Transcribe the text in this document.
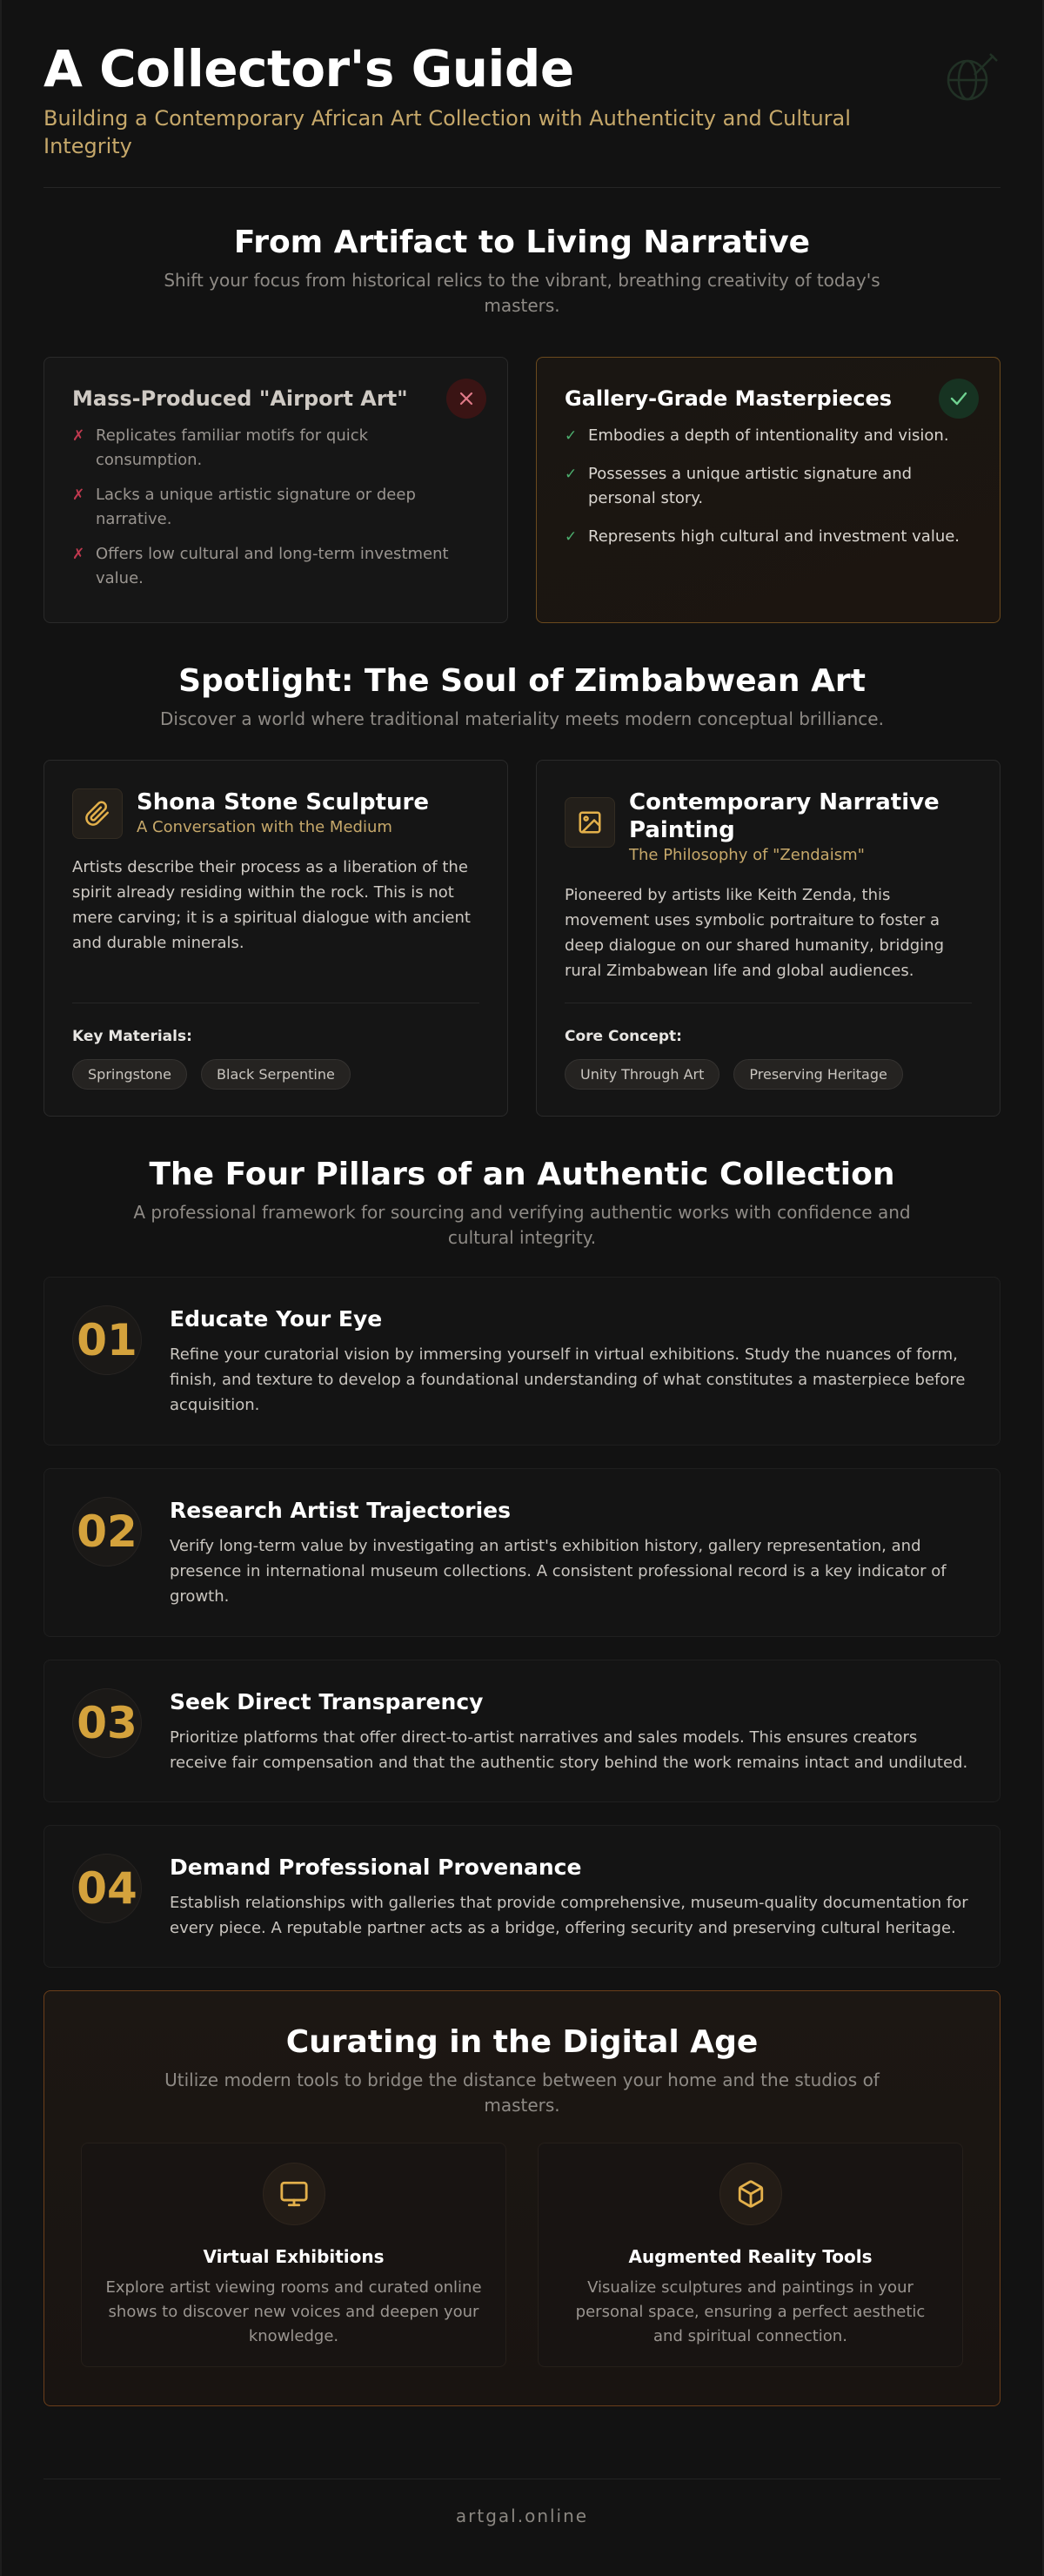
A Collector's Guide

Building a Contemporary African Art Collection with Authenticity and Cultural Integrity

From Artifact to Living Narrative

Shift your focus from historical relics to the vibrant, breathing creativity of today's masters.

Mass-Produced "Airport Art"
✗ Replicates familiar motifs for quick consumption.
✗ Lacks a unique artistic signature or deep narrative.
✗ Offers low cultural and long-term investment value.
Gallery-Grade Masterpieces
✓ Embodies a depth of intentionality and vision.
✓ Possesses a unique artistic signature and personal story.
✓ Represents high cultural and investment value.
Spotlight: The Soul of Zimbabwean Art

Discover a world where traditional materiality meets modern conceptual brilliance.

Shona Stone Sculpture
A Conversation with the Medium

Artists describe their process as a liberation of the spirit already residing within the rock. This is not mere carving; it is a spiritual dialogue with ancient and durable minerals.

Key Materials:
Springstone	Black Serpentine
Contemporary Narrative Painting
The Philosophy of "Zendaism"

Pioneered by artists like Keith Zenda, this movement uses symbolic portraiture to foster a deep dialogue on our shared humanity, bridging rural Zimbabwean life and global audiences.

Core Concept:
Unity Through Art	Preserving Heritage
The Four Pillars of an Authentic Collection

A professional framework for sourcing and verifying authentic works with confidence and cultural integrity.

01 Educate Your Eye

Refine your curatorial vision by immersing yourself in virtual exhibitions. Study the nuances of form, finish, and texture to develop a foundational understanding of what constitutes a masterpiece before acquisition.

02 Research Artist Trajectories

Verify long-term value by investigating an artist's exhibition history, gallery representation, and presence in international museum collections. A consistent professional record is a key indicator of growth.

03 Seek Direct Transparency

Prioritize platforms that offer direct-to-artist narratives and sales models. This ensures creators receive fair compensation and that the authentic story behind the work remains intact and undiluted.

04 Demand Professional Provenance

Establish relationships with galleries that provide comprehensive, museum-quality documentation for every piece. A reputable partner acts as a bridge, offering security and preserving cultural heritage.

Curating in the Digital Age

Utilize modern tools to bridge the distance between your home and the studios of masters.

Virtual Exhibitions

Explore artist viewing rooms and curated online shows to discover new voices and deepen your knowledge.

Augmented Reality Tools

Visualize sculptures and paintings in your personal space, ensuring a perfect aesthetic and spiritual connection.

artgal.online
